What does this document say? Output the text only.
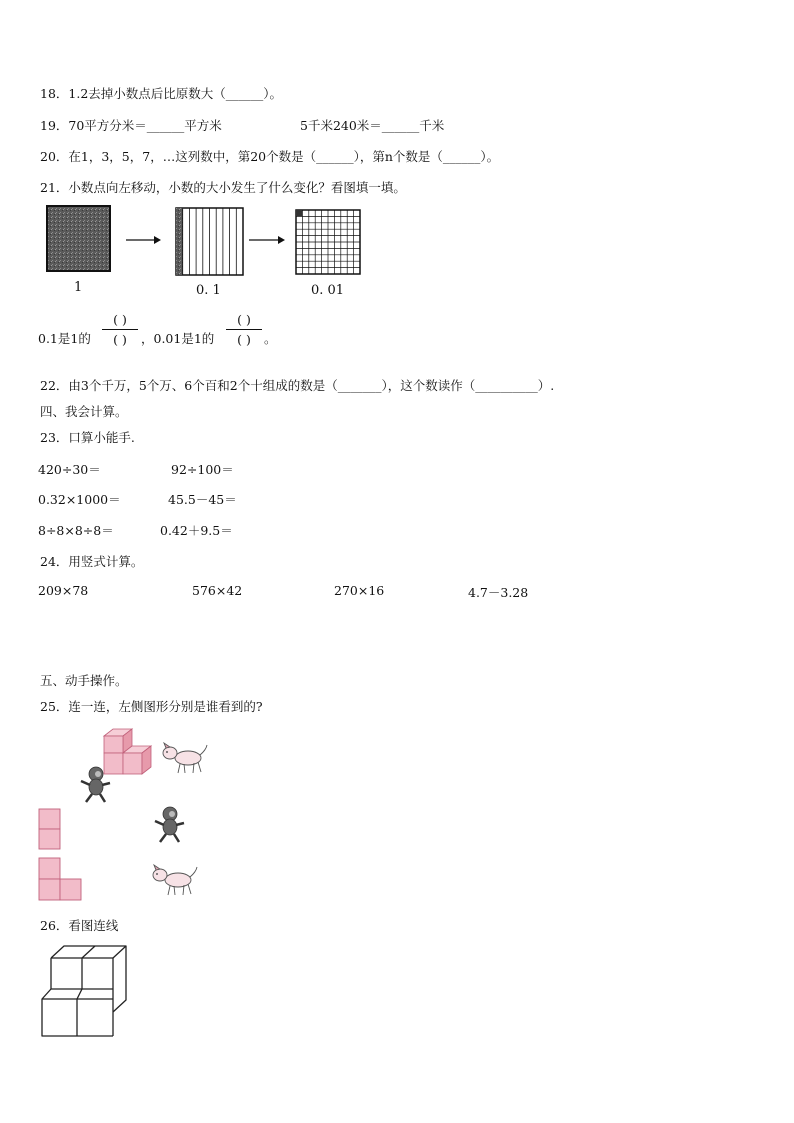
18．1.2去掉小数点后比原数大（______）。
19．70平方分米＝______平方米	5千米240米＝______千米
20．在1，3，5，7，…这列数中，第20个数是（______），第n个数是（______）。
21．小数点向左移动，小数的大小发生了什么变化？看图填一填。
1	0. 1	0. 01
0.1是1的
( )
( )	，0.01是1的
( )
( )	。
22．由3个千万，5个万、6个百和2个十组成的数是（_______），这个数读作（__________）.
四、我会计算。
23．口算小能手.
420÷30＝	92÷100＝
0.32×1000＝	45.5－45＝
8÷8×8÷8＝	0.42＋9.5＝
24．用竖式计算。
209×78	576×42	270×16	4.7－3.28
五、动手操作。
25．连一连，左侧图形分别是谁看到的?
26．看图连线
